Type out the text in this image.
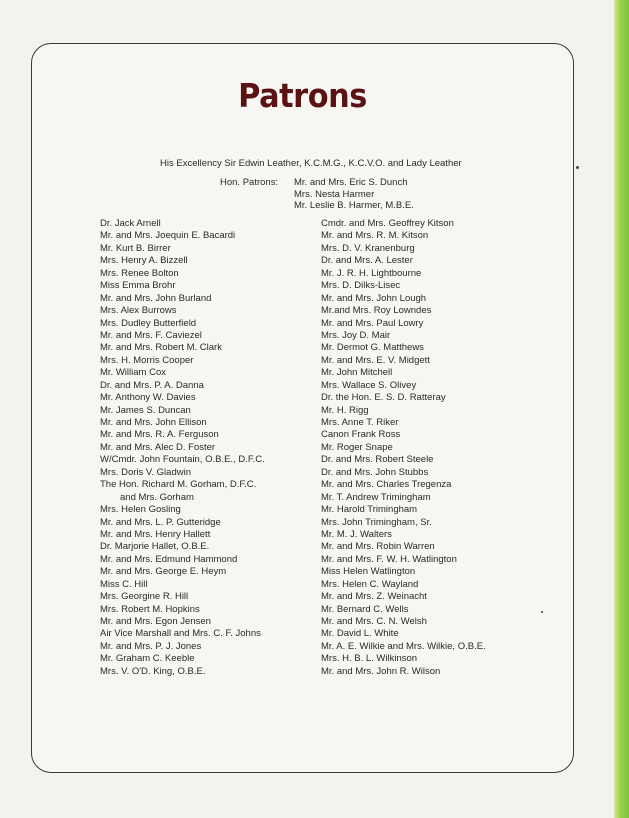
Patrons
His Excellency Sir Edwin Leather, K.C.M.G., K.C.V.O. and Lady Leather
Hon. Patrons: Mr. and Mrs. Eric S. Dunch
Mrs. Nesta Harmer
Mr. Leslie B. Harmer, M.B.E.
Dr. Jack Arnell
Mr. and Mrs. Joequin E. Bacardi
Mr. Kurt B. Birrer
Mrs. Henry A. Bizzell
Mrs. Renee Bolton
Miss Emma Brohr
Mr. and Mrs. John Burland
Mrs. Alex Burrows
Mrs. Dudley Butterfield
Mr. and Mrs. F. Caviezel
Mr. and Mrs. Robert M. Clark
Mrs. H. Morris Cooper
Mr. William Cox
Dr. and Mrs. P. A. Danna
Mr. Anthony W. Davies
Mr. James S. Duncan
Mr. and Mrs. John Ellison
Mr. and Mrs. R. A. Ferguson
Mr. and Mrs. Alec D. Foster
W/Cmdr. John Fountain, O.B.E., D.F.C.
Mrs. Doris V. Gladwin
The Hon. Richard M. Gorham, D.F.C.
and Mrs. Gorham
Mrs. Helen Gosling
Mr. and Mrs. L. P. Gutteridge
Mr. and Mrs. Henry Hallett
Dr. Marjorie Hallet, O.B.E.
Mr. and Mrs. Edmund Hammond
Mr. and Mrs. George E. Heym
Miss C. Hill
Mrs. Georgine R. Hill
Mrs. Robert M. Hopkins
Mr. and Mrs. Egon Jensen
Air Vice Marshall and Mrs. C. F. Johns
Mr. and Mrs. P. J. Jones
Mr. Graham C. Keeble
Mrs. V. O'D. King, O.B.E.
Cmdr. and Mrs. Geoffrey Kitson
Mr. and Mrs. R. M. Kitson
Mrs. D. V. Kranenburg
Dr. and Mrs. A. Lester
Mr. J. R. H. Lightbourne
Mrs. D. Dilks-Lisec
Mr. and Mrs. John Lough
Mr.and Mrs. Roy Lowndes
Mr. and Mrs. Paul Lowry
Mrs. Joy D. Mair
Mr. Dermot G. Matthews
Mr. and Mrs. E. V. Midgett
Mr. John Mitchell
Mrs. Wallace S. Olivey
Dr. the Hon. E. S. D. Ratteray
Mr. H. Rigg
Mrs. Anne T. Riker
Canon Frank Ross
Mr. Roger Snape
Dr. and Mrs. Robert Steele
Dr. and Mrs. John Stubbs
Mr. and Mrs. Charles Tregenza
Mr. T. Andrew Trimingham
Mr. Harold Trimingham
Mrs. John Trimingham, Sr.
Mr. M. J. Walters
Mr. and Mrs. Robin Warren
Mr. and Mrs. F. W. H. Watlington
Miss Helen Watlington
Mrs. Helen C. Wayland
Mr. and Mrs. Z. Weinacht
Mr. Bernard C. Wells
Mr. and Mrs. C. N. Welsh
Mr. David L. White
Mr. A. E. Wilkie and Mrs. Wilkie, O.B.E.
Mrs. H. B. L. Wilkinson
Mr. and Mrs. John R. Wilson
